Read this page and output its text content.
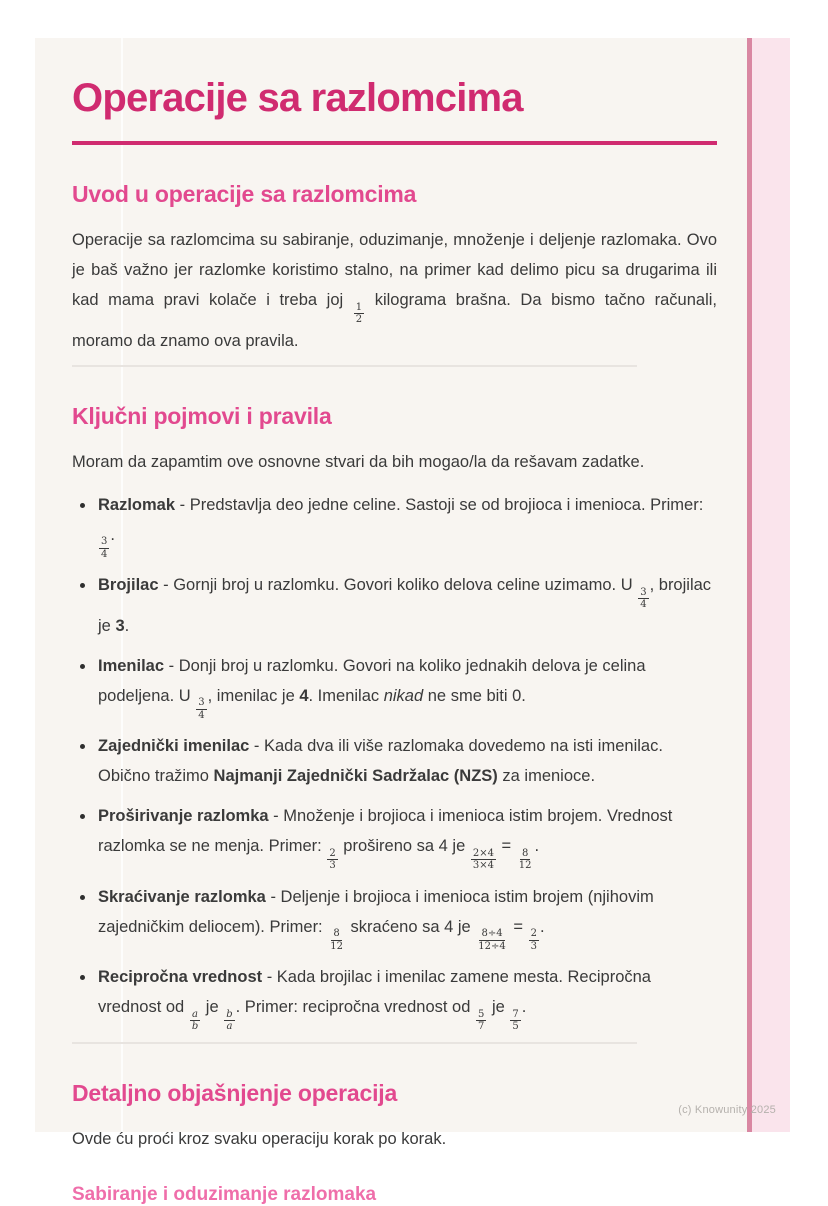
Operacije sa razlomcima
Uvod u operacije sa razlomcima

Operacije sa razlomcima su sabiranje, oduzimanje, množenje i deljenje razlomaka. Ovo je baš važno jer razlomke koristimo stalno, na primer kad delimo picu sa drugarima ili kad mama pravi kolače i treba joj
$\frac{1}{2}$
kilograma brašna. Da bismo tačno računali, moramo da znamo ova pravila.

Ključni pojmovi i pravila

Moram da zapamtim ove osnovne stvari da bih mogao/la da rešavam zadatke.

• Razlomak - Predstavlja deo jedne celine. Sastoji se od brojioca i imenioca. Primer:
$\frac{3}{4}$
.
• Brojilac - Gornji broj u razlomku. Govori koliko delova celine uzimamo. U
$\frac{3}{4}$
, brojilac je 3.
• Imenilac - Donji broj u razlomku. Govori na koliko jednakih delova je celina podeljena. U
$\frac{3}{4}$
, imenilac je 4. Imenilac nikad ne sme biti 0.
• Zajednički imenilac - Kada dva ili više razlomaka dovedemo na isti imenilac. Obično tražimo Najmanji Zajednički Sadržalac (NZS) za imenioce.
• Proširivanje razlomka - Množenje i brojioca i imenioca istim brojem. Vrednost razlomka se ne menja. Primer:
$\frac{2}{3}$
prošireno sa 4 je
$\frac{2\times 4}{3\times 4}$
=
$\frac{8}{12}$
.
• Skraćivanje razlomka - Deljenje i brojioca i imenioca istim brojem (njihovim zajedničkim deliocem). Primer:
$\frac{8}{12}$
skraćeno sa 4 je
$\frac{8\div 4}{12\div 4}$
=
$\frac{2}{3}$
.
• Recipročna vrednost - Kada brojilac i imenilac zamene mesta. Recipročna vrednost od
$\frac{a}{b}$
je
$\frac{b}{a}$
. Primer: recipročna vrednost od
$\frac{5}{7}$
je
$\frac{7}{5}$
.
Detaljno objašnjenje operacija

Ovde ću proći kroz svaku operaciju korak po korak.

Sabiranje i oduzimanje razlomaka
(c) Knowunity 2025
